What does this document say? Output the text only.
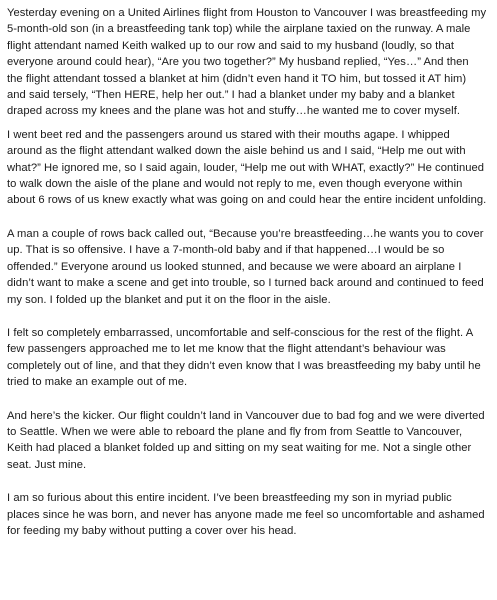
Yesterday evening on a United Airlines flight from Houston to Vancouver I was breastfeeding my 5-month-old son (in a breastfeeding tank top) while the airplane taxied on the runway. A male flight attendant named Keith walked up to our row and said to my husband (loudly, so that everyone around could hear), “Are you two together?” My husband replied, “Yes…” And then the flight attendant tossed a blanket at him (didn’t even hand it TO him, but tossed it AT him) and said tersely, “Then HERE, help her out.” I had a blanket under my baby and a blanket draped across my knees and the plane was hot and stuffy…he wanted me to cover myself.

I went beet red and the passengers around us stared with their mouths agape. I whipped around as the flight attendant walked down the aisle behind us and I said, “Help me out with what?” He ignored me, so I said again, louder, “Help me out with WHAT, exactly?” He continued to walk down the aisle of the plane and would not reply to me, even though everyone within about 6 rows of us knew exactly what was going on and could hear the entire incident unfolding.

A man a couple of rows back called out, “Because you’re breastfeeding…he wants you to cover up. That is so offensive. I have a 7-month-old baby and if that happened…I would be so offended.” Everyone around us looked stunned, and because we were aboard an airplane I didn’t want to make a scene and get into trouble, so I turned back around and continued to feed my son. I folded up the blanket and put it on the floor in the aisle.

I felt so completely embarrassed, uncomfortable and self-conscious for the rest of the flight. A few passengers approached me to let me know that the flight attendant’s behaviour was completely out of line, and that they didn’t even know that I was breastfeeding my baby until he tried to make an example out of me.

And here’s the kicker. Our flight couldn’t land in Vancouver due to bad fog and we were diverted to Seattle. When we were able to reboard the plane and fly from from Seattle to Vancouver, Keith had placed a blanket folded up and sitting on my seat waiting for me. Not a single other seat. Just mine.

I am so furious about this entire incident. I’ve been breastfeeding my son in myriad public places since he was born, and never has anyone made me feel so uncomfortable and ashamed for feeding my baby without putting a cover over his head.
